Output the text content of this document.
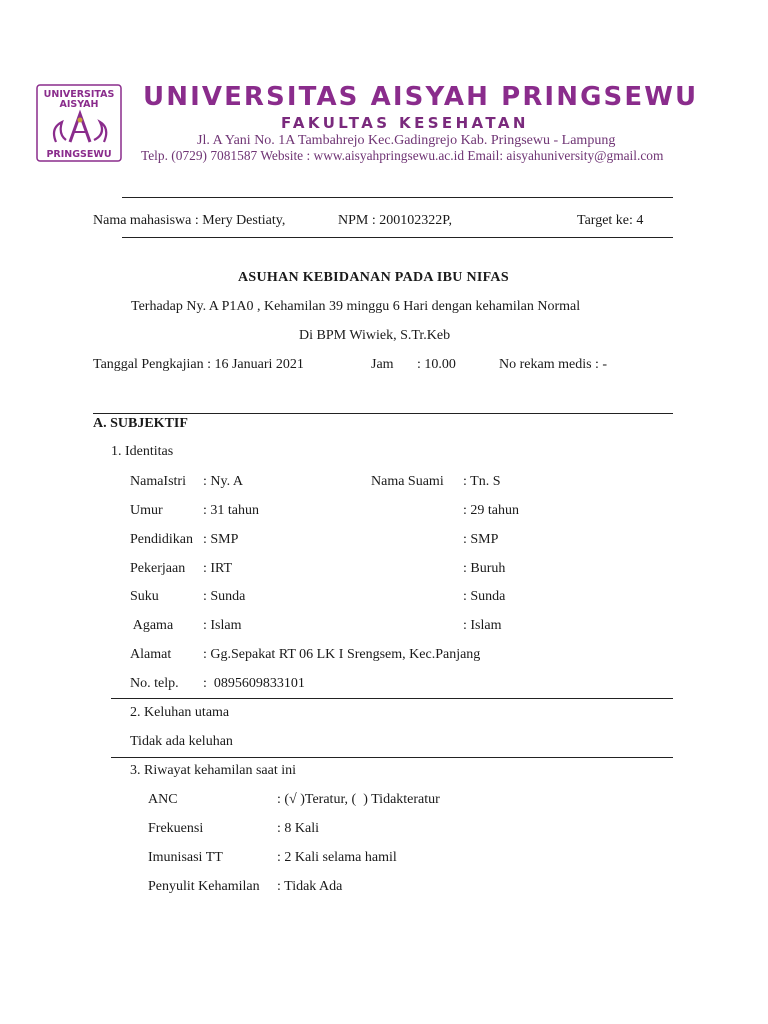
UNIVERSITAS
AISYAH
PRINGSEWU
UNIVERSITAS AISYAH PRINGSEWU
FAKULTAS KESEHATAN
Jl. A Yani No. 1A Tambahrejo Kec.Gadingrejo Kab. Pringsewu - Lampung
Telp. (0729) 7081587 Website : www.aisyahpringsewu.ac.id Email: aisyahuniversity@gmail.com
Nama mahasiswa : Mery Destiaty,	NPM : 200102322P,	Target ke: 4
ASUHAN KEBIDANAN PADA IBU NIFAS
Terhadap Ny. A P1A0 , Kehamilan 39 minggu 6 Hari dengan kehamilan Normal
Di BPM Wiwiek, S.Tr.Keb
Tanggal Pengkajian : 16 Januari 2021	Jam : 10.00	No rekam medis : -
A. SUBJEKTIF
1. Identitas
NamaIstri : Ny. A	Nama Suami : Tn. S
Umur	: 31 tahun	: 29 tahun
Pendidikan : SMP	: SMP
Pekerjaan : IRT	: Buruh
Suku	: Sunda	: Sunda
Agama : Islam	: Islam
Alamat : Gg.Sepakat RT 06 LK I Srengsem, Kec.Panjang
No. telp. :  0895609833101
2. Keluhan utama
Tidak ada keluhan
3. Riwayat kehamilan saat ini
ANC	: (√ )Teratur, (  ) Tidakteratur
Frekuensi	: 8 Kali
Imunisasi TT	: 2 Kali selama hamil
Penyulit Kehamilan : Tidak Ada
